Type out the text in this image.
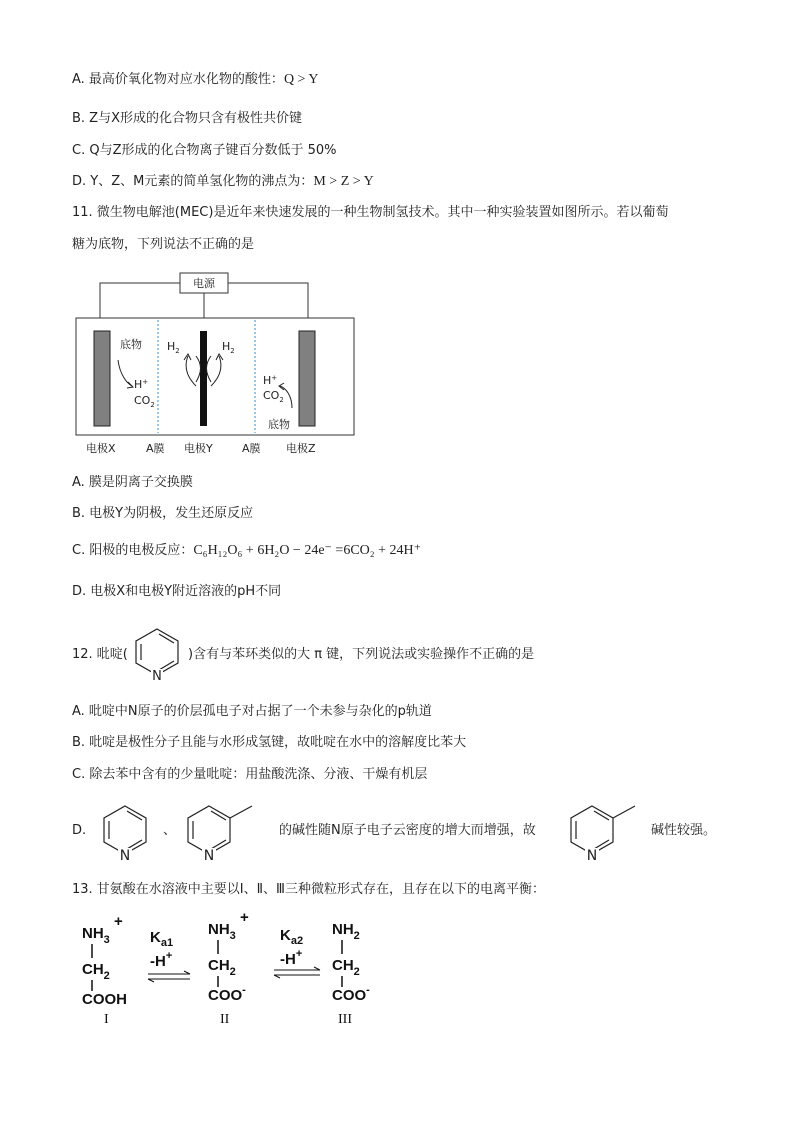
A. 最高价氧化物对应水化物的酸性：Q > Y
B. Z与X形成的化合物只含有极性共价键
C. Q与Z形成的化合物离子键百分数低于 50%
D. Y、Z、M元素的简单氢化物的沸点为：M > Z > Y
11. 微生物电解池(MEC)是近年来快速发展的一种生物制氢技术。其中一种实验装置如图所示。若以葡萄
糖为底物，下列说法不正确的是
电源
底物
H+
$CO_2$
$H_2$	$H_2$
H+
$CO_2$
底物
电极X	A膜 电极Y	A膜 电极Z
A. 膜是阴离子交换膜
B. 电极Y为阴极，发生还原反应
C. 阳极的电极反应：C₆H₁₂O₆ + 6H₂O − 24e⁻ =6CO₂ + 24H⁺
D. 电极X和电极Y附近溶液的pH不同
12. 吡啶(
N
)含有与苯环类似的大 π 键，下列说法或实验操作不正确的是
A. 吡啶中N原子的价层孤电子对占据了一个未参与杂化的p轨道
B. 吡啶是极性分子且能与水形成氢键，故吡啶在水中的溶解度比苯大
C. 除去苯中含有的少量吡啶：用盐酸洗涤、分液、干燥有机层
D.
N
、
N
的碱性随N原子电子云密度的增大而增强，故
N
碱性较强。
13. 甘氨酸在水溶液中主要以Ⅰ、Ⅱ、Ⅲ三种微粒形式存在，且存在以下的电离平衡：
$NH_3$
+
$CH_2$
COOH
I
$K_{a1}$
-H+
$NH_3$
+
$CH_2$
COO-
II
$K_{a2}$
-H+
$NH_2$
$CH_2$
COO-
III
